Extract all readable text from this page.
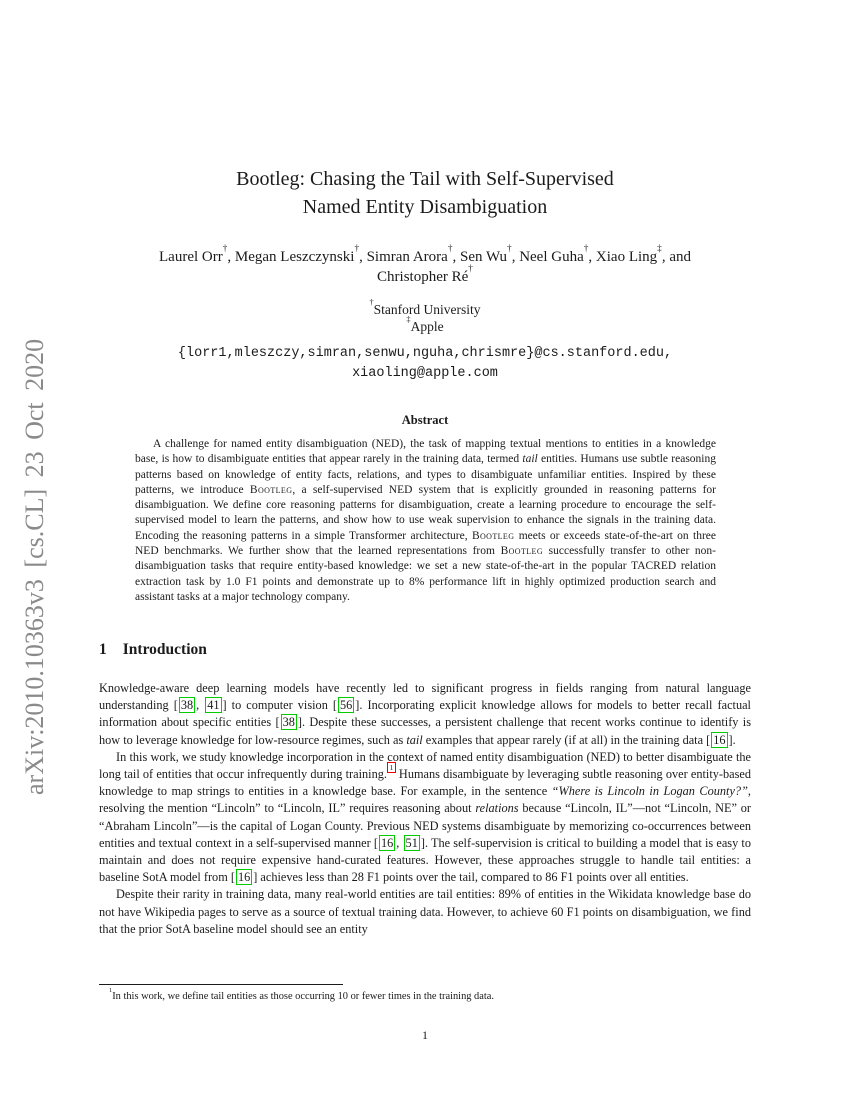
arXiv:2010.10363v3 [cs.CL] 23 Oct 2020
Bootleg: Chasing the Tail with Self-Supervised
Named Entity Disambiguation
Laurel Orr†, Megan Leszczynski†, Simran Arora†, Sen Wu†, Neel Guha†, Xiao Ling‡, and
Christopher Ré†
†Stanford University
‡Apple
{lorr1,mleszczy,simran,senwu,nguha,chrismre}@cs.stanford.edu,
xiaoling@apple.com
Abstract
A challenge for named entity disambiguation (NED), the task of mapping textual mentions to entities in a knowledge base, is how to disambiguate entities that appear rarely in the training data, termed tail entities. Humans use subtle reasoning patterns based on knowledge of entity facts, relations, and types to disambiguate unfamiliar entities. Inspired by these patterns, we introduce Bootleg, a self-supervised NED system that is explicitly grounded in reasoning patterns for disambiguation. We define core reasoning patterns for disambiguation, create a learning procedure to encourage the self-supervised model to learn the patterns, and show how to use weak supervision to enhance the signals in the training data. Encoding the reasoning patterns in a simple Transformer architecture, Bootleg meets or exceeds state-of-the-art on three NED benchmarks. We further show that the learned representations from Bootleg successfully transfer to other non-disambiguation tasks that require entity-based knowledge: we set a new state-of-the-art in the popular TACRED relation extraction task by 1.0 F1 points and demonstrate up to 8% performance lift in highly optimized production search and assistant tasks at a major technology company.
1 Introduction

Knowledge-aware deep learning models have recently led to significant progress in fields ranging from natural language understanding [ 38 , 41 ] to computer vision [ 56 ]. Incorporating explicit knowledge allows for models to better recall factual information about specific entities [ 38 ]. Despite these successes, a persistent challenge that recent works continue to identify is how to leverage knowledge for low-resource regimes, such as tail examples that appear rarely (if at all) in the training data [ 16 ].

In this work, we study knowledge incorporation in the context of named entity disambiguation (NED) to better disambiguate the long tail of entities that occur infrequently during training.$^1$ Humans disambiguate by leveraging subtle reasoning over entity-based knowledge to map strings to entities in a knowledge base. For example, in the sentence “Where is Lincoln in Logan County?”, resolving the mention “Lincoln” to “Lincoln, IL” requires reasoning about relations because “Lincoln, IL”—not “Lincoln, NE” or “Abraham Lincoln”—is the capital of Logan County. Previous NED systems disambiguate by memorizing co-occurrences between entities and textual context in a self-supervised manner [ 16 , 51 ]. The self-supervision is critical to building a model that is easy to maintain and does not require expensive hand-curated features. However, these approaches struggle to handle tail entities: a baseline SotA model from [ 16 ] achieves less than 28 F1 points over the tail, compared to 86 F1 points over all entities.

Despite their rarity in training data, many real-world entities are tail entities: 89% of entities in the Wikidata knowledge base do not have Wikipedia pages to serve as a source of textual training data. However, to achieve 60 F1 points on disambiguation, we find that the prior SotA baseline model should see an entity

$^1$In this work, we define tail entities as those occurring 10 or fewer times in the training data.
1
